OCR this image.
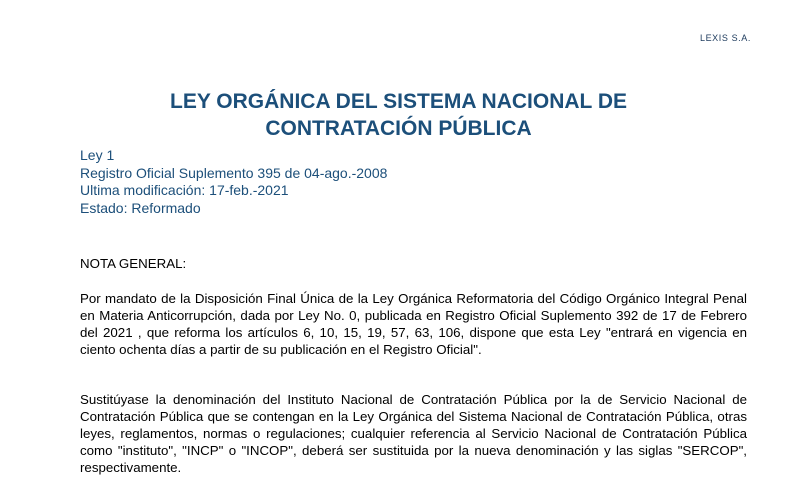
LEXIS S.A.
LEY ORGÁNICA DEL SISTEMA NACIONAL DE
CONTRATACIÓN PÚBLICA
Ley 1
Registro Oficial Suplemento 395 de 04-ago.-2008
Ultima modificación: 17-feb.-2021
Estado: Reformado

NOTA GENERAL:

Por mandato de la Disposición Final Única de la Ley Orgánica Reformatoria del Código Orgánico Integral Penal en Materia Anticorrupción, dada por Ley No. 0, publicada en Registro Oficial Suplemento 392 de 17 de Febrero del 2021 , que reforma los artículos 6, 10, 15, 19, 57, 63, 106, dispone que esta Ley "entrará en vigencia en ciento ochenta días a partir de su publicación en el Registro Oficial".

Sustitúyase la denominación del Instituto Nacional de Contratación Pública por la de Servicio Nacional de Contratación Pública que se contengan en la Ley Orgánica del Sistema Nacional de Contratación Pública, otras leyes, reglamentos, normas o regulaciones; cualquier referencia al Servicio Nacional de Contratación Pública como "instituto", "INCP" o "INCOP", deberá ser sustituida por la nueva denominación y las siglas "SERCOP", respectivamente.
